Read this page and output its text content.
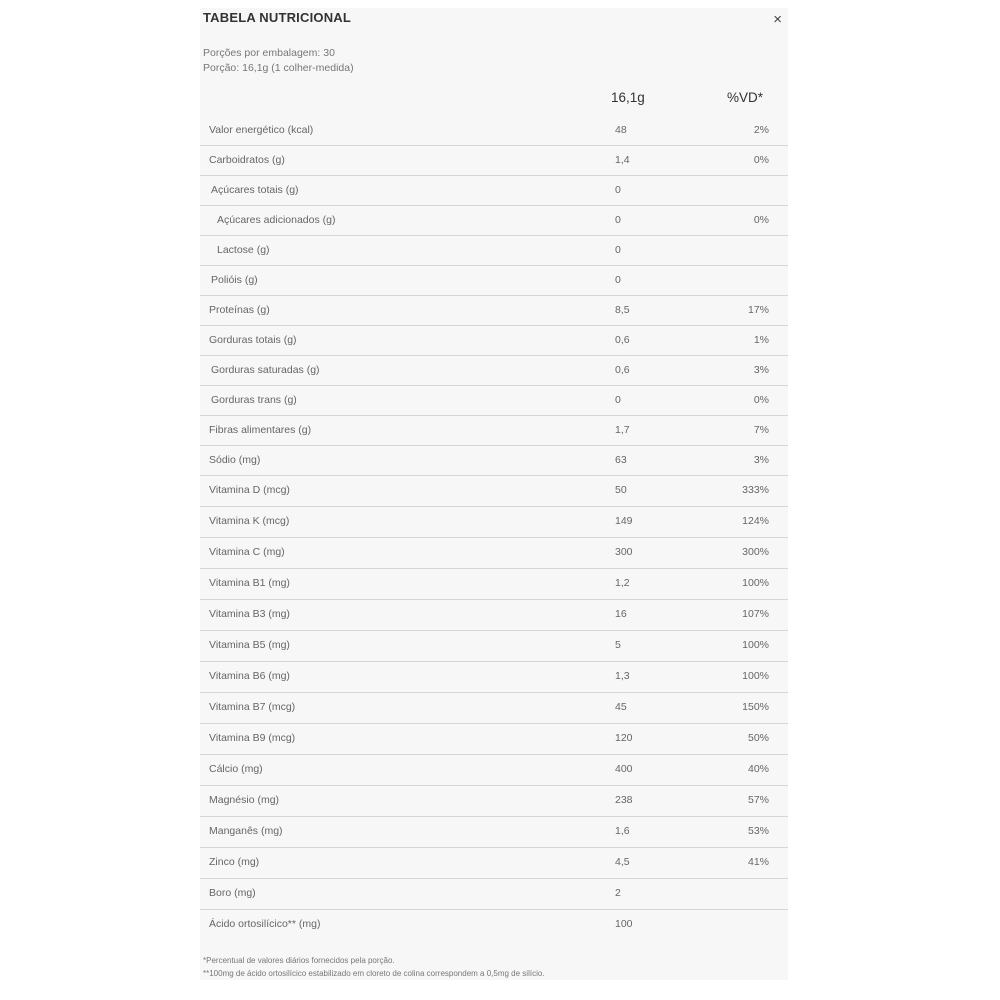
TABELA NUTRICIONAL	×
Porções por embalagem: 30
Porção: 16,1g (1 colher-medida)
16,1g	%VD*
Valor energético (kcal)	48	2%
Carboidratos (g)	1,4	0%
Açúcares totais (g)	0
Açúcares adicionados (g)	0	0%
Lactose (g)	0
Polióis (g)	0
Proteínas (g)	8,5	17%
Gorduras totais (g)	0,6	1%
Gorduras saturadas (g)	0,6	3%
Gorduras trans (g)	0	0%
Fibras alimentares (g)	1,7	7%
Sódio (mg)	63	3%
Vitamina D (mcg)	50	333%
Vitamina K (mcg)	149	124%
Vitamina C (mg)	300	300%
Vitamina B1 (mg)	1,2	100%
Vitamina B3 (mg)	16	107%
Vitamina B5 (mg)	5	100%
Vitamina B6 (mg)	1,3	100%
Vitamina B7 (mcg)	45	150%
Vitamina B9 (mcg)	120	50%
Cálcio (mg)	400	40%
Magnésio (mg)	238	57%
Manganês (mg)	1,6	53%
Zinco (mg)	4,5	41%
Boro (mg)	2
Ácido ortosilícico** (mg)	100
*Percentual de valores diários fornecidos pela porção.
**100mg de ácido ortosilícico estabilizado em cloreto de colina correspondem a 0,5mg de silício.
